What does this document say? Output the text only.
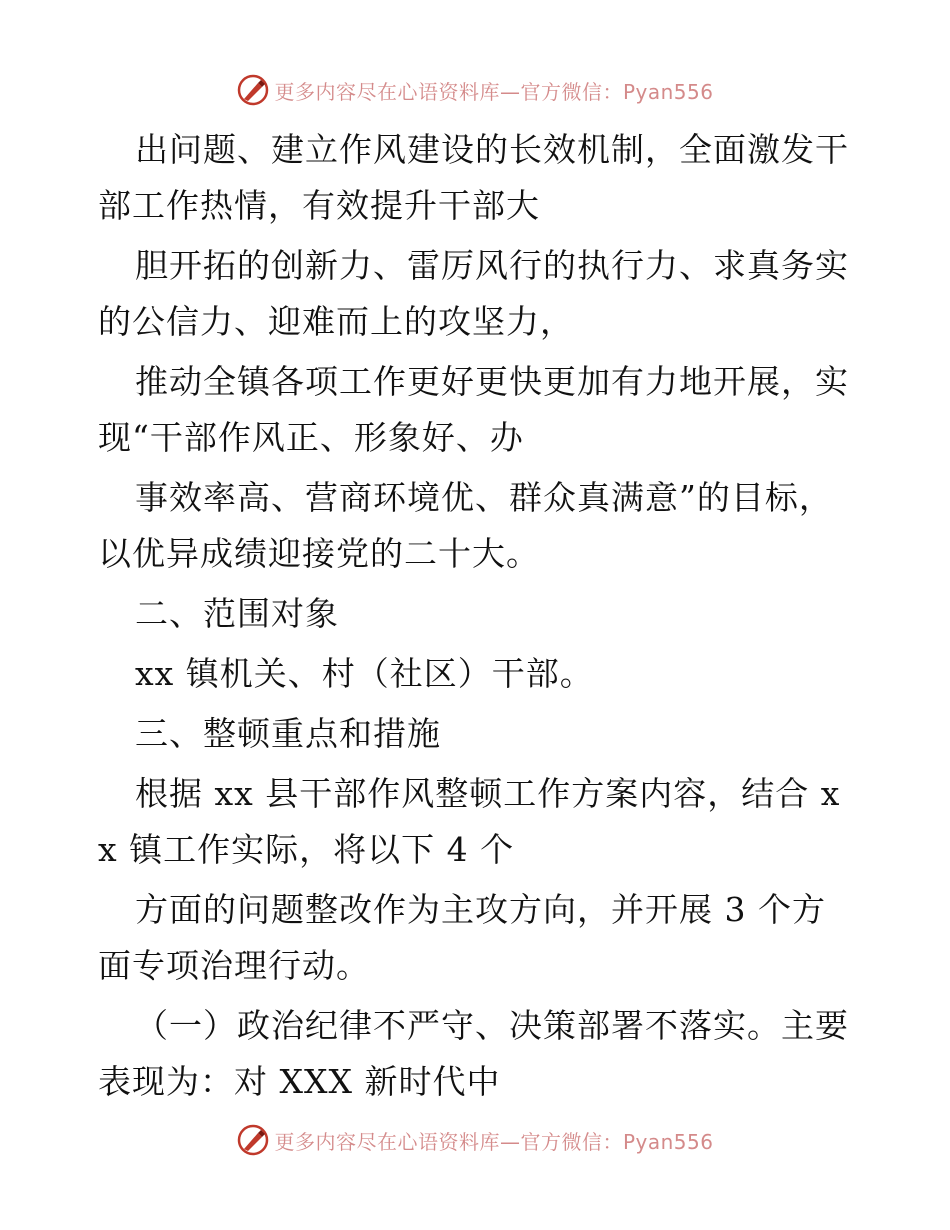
更多内容尽在心语资料库—官方微信：Pyan556

出问题、建立作风建设的长效机制，全面激发干部工作热情，有效提升干部大

胆开拓的创新力、雷厉风行的执行力、求真务实的公信力、迎难而上的攻坚力，

推动全镇各项工作更好更快更加有力地开展，实现“干部作风正、形象好、办

事效率高、营商环境优、群众真满意”的目标，以优异成绩迎接党的二十大。

二、范围对象

xx 镇机关、村（社区）干部。

三、整顿重点和措施

根据 xx 县干部作风整顿工作方案内容，结合 xx 镇工作实际，将以下 4 个

方面的问题整改作为主攻方向，并开展 3 个方面专项治理行动。

（一）政治纪律不严守、决策部署不落实。主要表现为：对 XXX 新时代中

更多内容尽在心语资料库—官方微信：Pyan556
